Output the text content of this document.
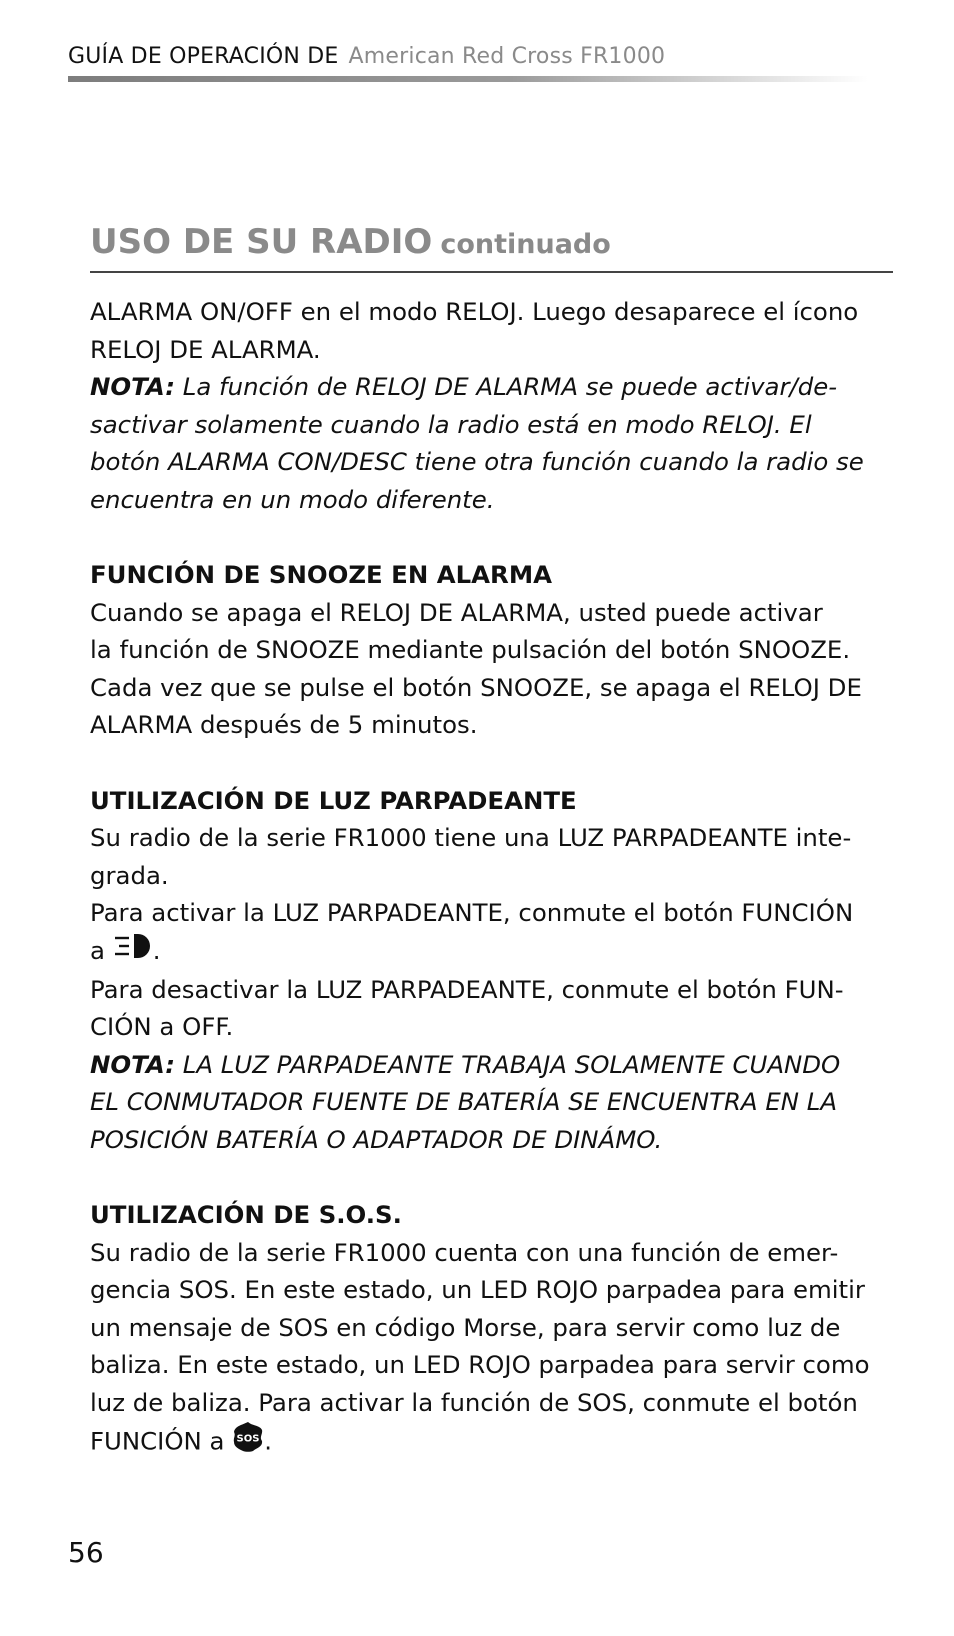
GUÍA DE OPERACIÓN DE American Red Cross FR1000
USO DE SU RADIO continuado

ALARMA ON/OFF en el modo RELOJ. Luego desaparece el ícono

RELOJ DE ALARMA.

NOTA: La función de RELOJ DE ALARMA se puede activar/de-

sactivar solamente cuando la radio está en modo RELOJ. El

botón ALARMA CON/DESC tiene otra función cuando la radio se

encuentra en un modo diferente.

FUNCIÓN DE SNOOZE EN ALARMA

Cuando se apaga el RELOJ DE ALARMA, usted puede activar

la función de SNOOZE mediante pulsación del botón SNOOZE.

Cada vez que se pulse el botón SNOOZE, se apaga el RELOJ DE

ALARMA después de 5 minutos.

UTILIZACIÓN DE LUZ PARPADEANTE

Su radio de la serie FR1000 tiene una LUZ PARPADEANTE inte-

grada.

Para activar la LUZ PARPADEANTE, conmute el botón FUNCIÓN

a .

Para desactivar la LUZ PARPADEANTE, conmute el botón FUN-

CIÓN a OFF.

NOTA: LA LUZ PARPADEANTE TRABAJA SOLAMENTE CUANDO

EL CONMUTADOR FUENTE DE BATERÍA SE ENCUENTRA EN LA

POSICIÓN BATERÍA O ADAPTADOR DE DINÁMO.

UTILIZACIÓN DE S.O.S.

Su radio de la serie FR1000 cuenta con una función de emer-

gencia SOS. En este estado, un LED ROJO parpadea para emitir

un mensaje de SOS en código Morse, para servir como luz de

baliza. En este estado, un LED ROJO parpadea para servir como

luz de baliza. Para activar la función de SOS, conmute el botón

FUNCIÓN a SOS .

56
